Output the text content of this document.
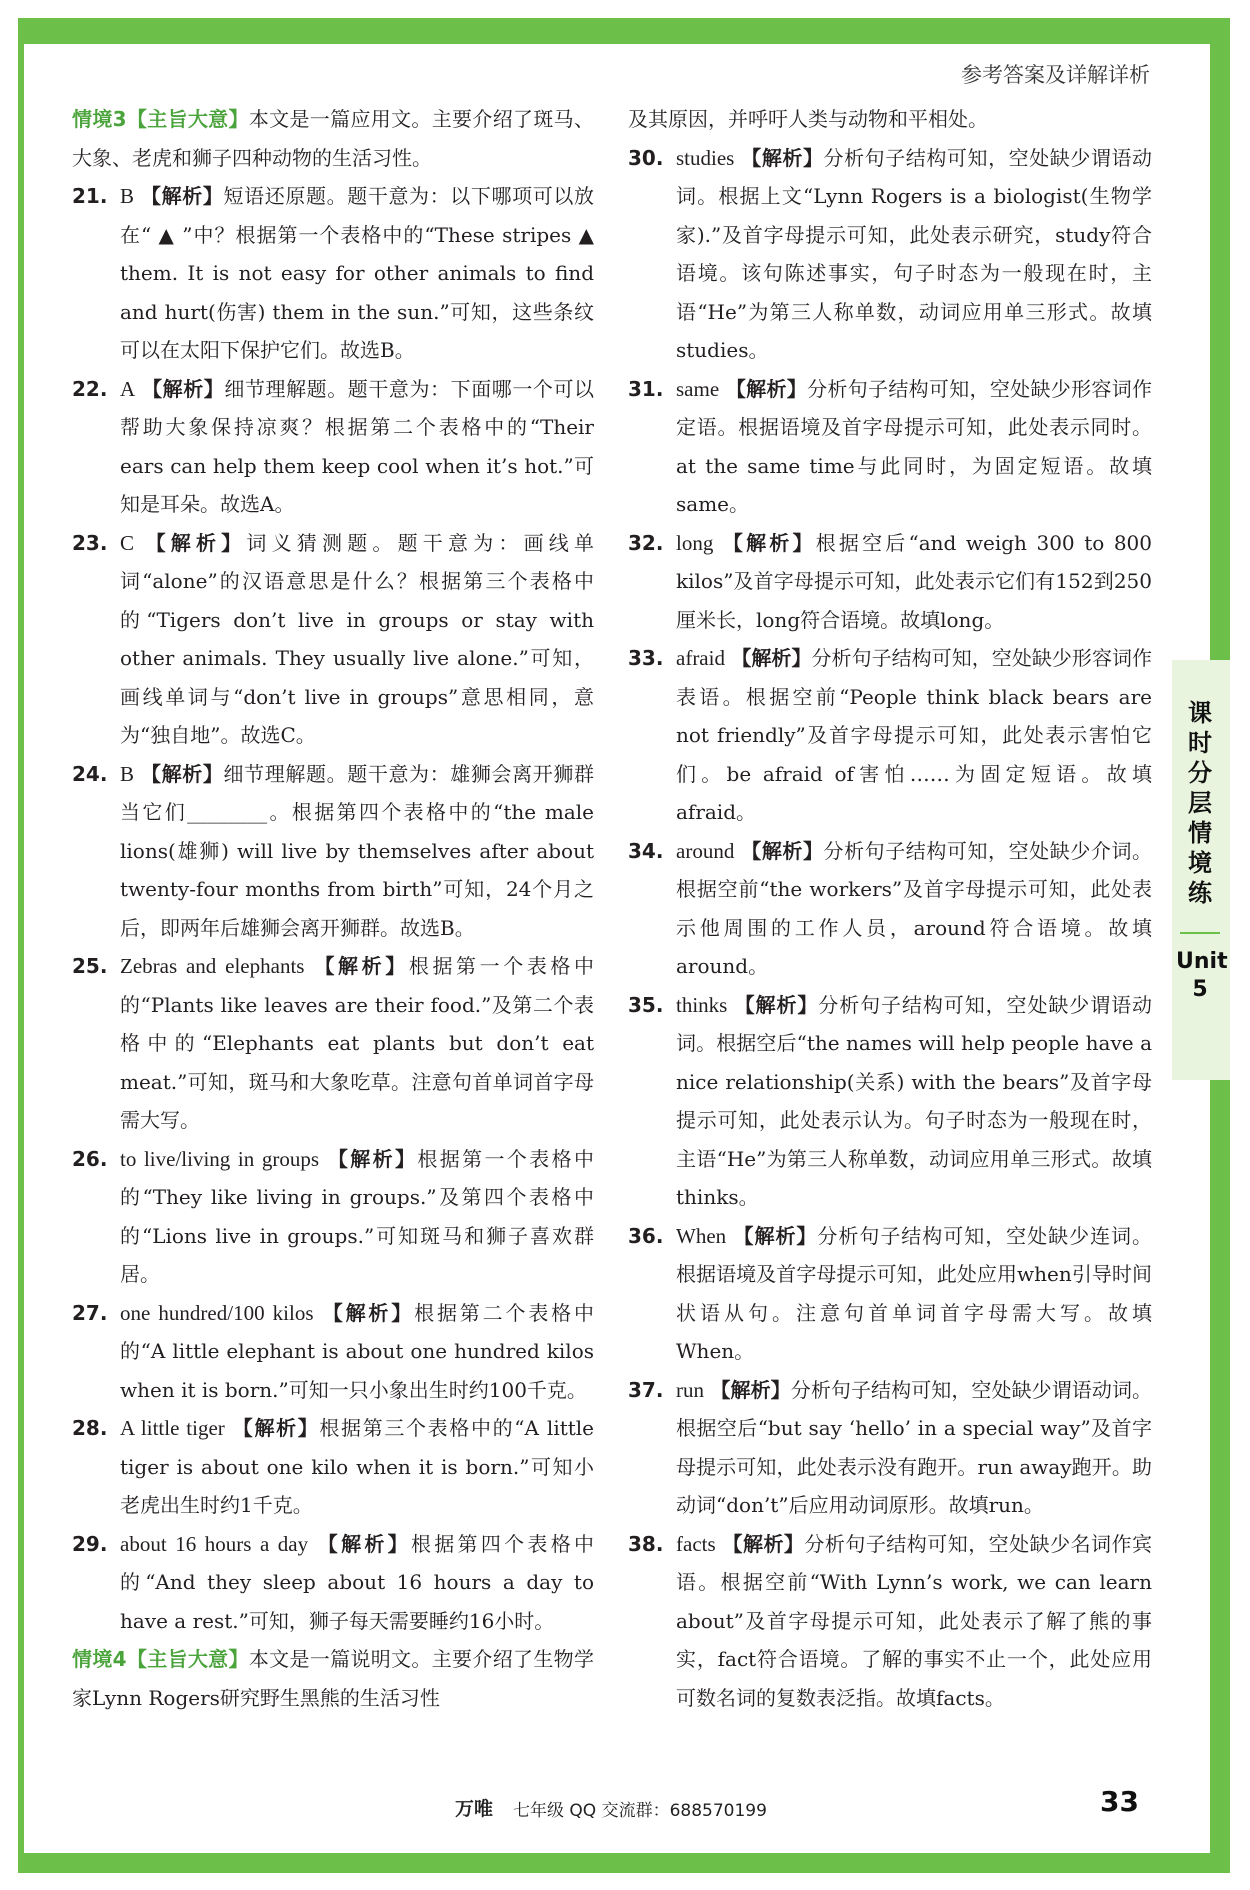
参考答案及详解详析
课
时
分
层
情
境
练
Unit 5

情境3【主旨大意】本文是一篇应用文。主要介绍了斑马、大象、老虎和狮子四种动物的生活习性。

21. B 【解析】短语还原题。题干意为：以下哪项可以放在“ ▲ ”中？根据第一个表格中的“These stripes ▲ them. It is not easy for other animals to find and hurt(伤害) them in the sun.”可知，这些条纹可以在太阳下保护它们。故选B。

22. A 【解析】细节理解题。题干意为：下面哪一个可以帮助大象保持凉爽？根据第二个表格中的“Their ears can help them keep cool when it’s hot.”可知是耳朵。故选A。

23. C 【解析】词义猜测题。题干意为：画线单词“alone”的汉语意思是什么？根据第三个表格中的“Tigers don’t live in groups or stay with other animals. They usually live alone.”可知，画线单词与“don’t live in groups”意思相同，意为“独自地”。故选C。

24. B 【解析】细节理解题。题干意为：雄狮会离开狮群当它们________。根据第四个表格中的“the male lions(雄狮) will live by themselves after about twenty-four months from birth”可知，24个月之后，即两年后雄狮会离开狮群。故选B。

25. Zebras and elephants 【解析】根据第一个表格中的“Plants like leaves are their food.”及第二个表格中的“Elephants eat plants but don’t eat meat.”可知，斑马和大象吃草。注意句首单词首字母需大写。

26. to live/living in groups 【解析】根据第一个表格中的“They like living in groups.”及第四个表格中的“Lions live in groups.”可知斑马和狮子喜欢群居。

27. one hundred/100 kilos 【解析】根据第二个表格中的“A little elephant is about one hundred kilos when it is born.”可知一只小象出生时约100千克。

28. A little tiger 【解析】根据第三个表格中的“A little tiger is about one kilo when it is born.”可知小老虎出生时约1千克。

29. about 16 hours a day 【解析】根据第四个表格中的“And they sleep about 16 hours a day to have a rest.”可知，狮子每天需要睡约16小时。

情境4【主旨大意】本文是一篇说明文。主要介绍了生物学家Lynn Rogers研究野生黑熊的生活习性

及其原因，并呼吁人类与动物和平相处。

30. studies 【解析】分析句子结构可知，空处缺少谓语动词。根据上文“Lynn Rogers is a biologist(生物学家).”及首字母提示可知，此处表示研究，study符合语境。该句陈述事实，句子时态为一般现在时，主语“He”为第三人称单数，动词应用单三形式。故填studies。

31. same 【解析】分析句子结构可知，空处缺少形容词作定语。根据语境及首字母提示可知，此处表示同时。at the same time与此同时，为固定短语。故填same。

32. long 【解析】根据空后“and weigh 300 to 800 kilos”及首字母提示可知，此处表示它们有152到250厘米长，long符合语境。故填long。

33. afraid 【解析】分析句子结构可知，空处缺少形容词作表语。根据空前“People think black bears are not friendly”及首字母提示可知，此处表示害怕它们。be afraid of害怕……为固定短语。故填afraid。

34. around 【解析】分析句子结构可知，空处缺少介词。根据空前“the workers”及首字母提示可知，此处表示他周围的工作人员，around符合语境。故填around。

35. thinks 【解析】分析句子结构可知，空处缺少谓语动词。根据空后“the names will help people have a nice relationship(关系) with the bears”及首字母提示可知，此处表示认为。句子时态为一般现在时，主语“He”为第三人称单数，动词应用单三形式。故填thinks。

36. When 【解析】分析句子结构可知，空处缺少连词。根据语境及首字母提示可知，此处应用when引导时间状语从句。注意句首单词首字母需大写。故填When。

37. run 【解析】分析句子结构可知，空处缺少谓语动词。根据空后“but say ‘hello’ in a special way”及首字母提示可知，此处表示没有跑开。run away跑开。助动词“don’t”后应用动词原形。故填run。

38. facts 【解析】分析句子结构可知，空处缺少名词作宾语。根据空前“With Lynn’s work, we can learn about”及首字母提示可知，此处表示了解了熊的事实，fact符合语境。了解的事实不止一个，此处应用可数名词的复数表泛指。故填facts。

万唯 七年级 QQ 交流群：688570199	33
